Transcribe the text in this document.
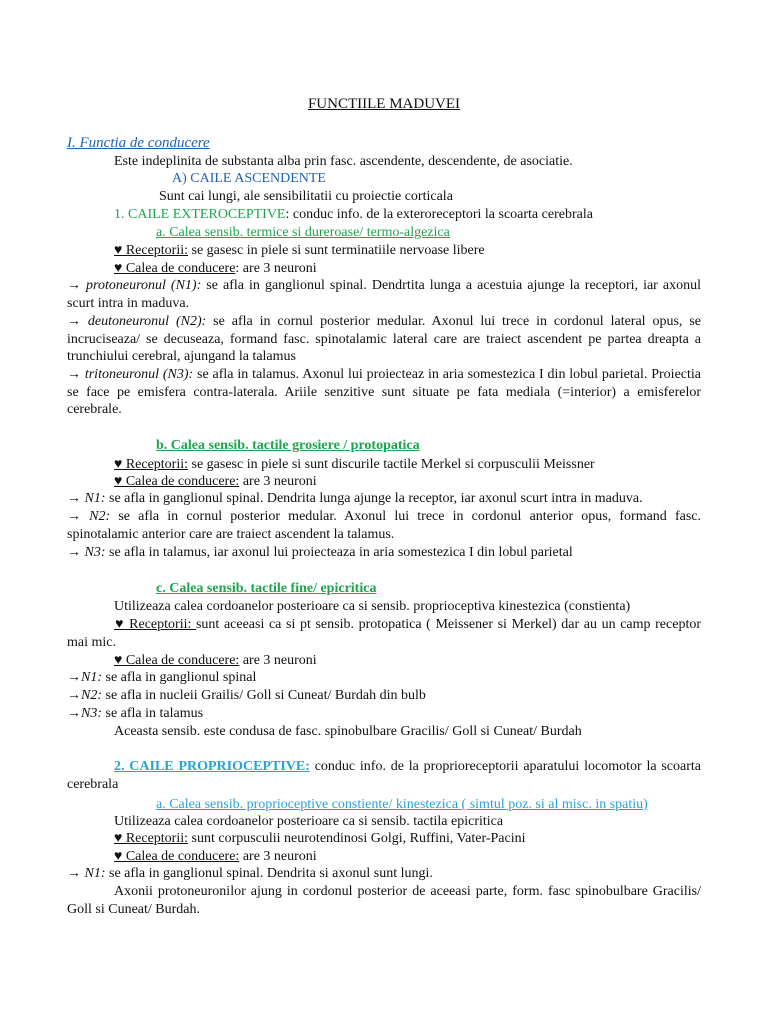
FUNCTIILE MADUVEI
I. Functia de conducere
Este indeplinita de substanta alba prin fasc. ascendente, descendente, de asociatie.
A) CAILE ASCENDENTE
Sunt cai lungi, ale sensibilitatii cu proiectie corticala
1. CAILE EXTEROCEPTIVE: conduc info. de la exteroreceptori la scoarta cerebrala
a. Calea sensib. termice si dureroase/ termo-algezica
♥ Receptorii: se gasesc in piele si sunt terminatiile nervoase libere
♥ Calea de conducere: are 3 neuroni
→ protoneuronul (N1): se afla in ganglionul spinal. Dendrtita lunga a acestuia ajunge la receptori, iar axonul scurt intra in maduva.
→ deutoneuronul (N2): se afla in cornul posterior medular. Axonul lui trece in cordonul lateral opus, se incruciseaza/ se decuseaza, formand fasc. spinotalamic lateral care are traiect ascendent pe partea dreapta a trunchiului cerebral, ajungand la talamus
→ tritoneuronul (N3): se afla in talamus. Axonul lui proiecteaz in aria somestezica I din lobul parietal. Proiectia se face pe emisfera contra-laterala. Ariile senzitive sunt situate pe fata mediala (=interior) a emisferelor cerebrale.
b. Calea sensib. tactile grosiere / protopatica
♥ Receptorii: se gasesc in piele si sunt discurile tactile Merkel si corpusculii Meissner
♥ Calea de conducere: are 3 neuroni
→ N1: se afla in ganglionul spinal. Dendrita lunga ajunge la receptor, iar axonul scurt intra in maduva.
→ N2: se afla in cornul posterior medular. Axonul lui trece in cordonul anterior opus, formand fasc. spinotalamic anterior care are traiect ascendent la talamus.
→ N3: se afla in talamus, iar axonul lui proiecteaza in aria somestezica I din lobul parietal
c. Calea sensib. tactile fine/ epicritica
Utilizeaza calea cordoanelor posterioare ca si sensib. proprioceptiva kinestezica (constienta)
♥ Receptorii: sunt aceeasi ca si pt sensib. protopatica ( Meissener si Merkel) dar au un camp receptor mai mic.
♥ Calea de conducere: are 3 neuroni
→N1: se afla in ganglionul spinal
→N2: se afla in nucleii Grailis/ Goll si Cuneat/ Burdah din bulb
→N3: se afla in talamus
Aceasta sensib. este condusa de fasc. spinobulbare Gracilis/ Goll si Cuneat/ Burdah
2. CAILE PROPRIOCEPTIVE: conduc info. de la proprioreceptorii aparatului locomotor la scoarta cerebrala
a. Calea sensib. proprioceptive constiente/ kinestezica ( simtul poz. si al misc. in spatiu)
Utilizeaza calea cordoanelor posterioare ca si sensib. tactila epicritica
♥ Receptorii: sunt corpusculii neurotendinosi Golgi, Ruffini, Vater-Pacini
♥ Calea de conducere: are 3 neuroni
→ N1: se afla in ganglionul spinal. Dendrita si axonul sunt lungi.
Axonii protoneuronilor ajung in cordonul posterior de aceeasi parte, form. fasc spinobulbare Gracilis/ Goll si Cuneat/ Burdah.
